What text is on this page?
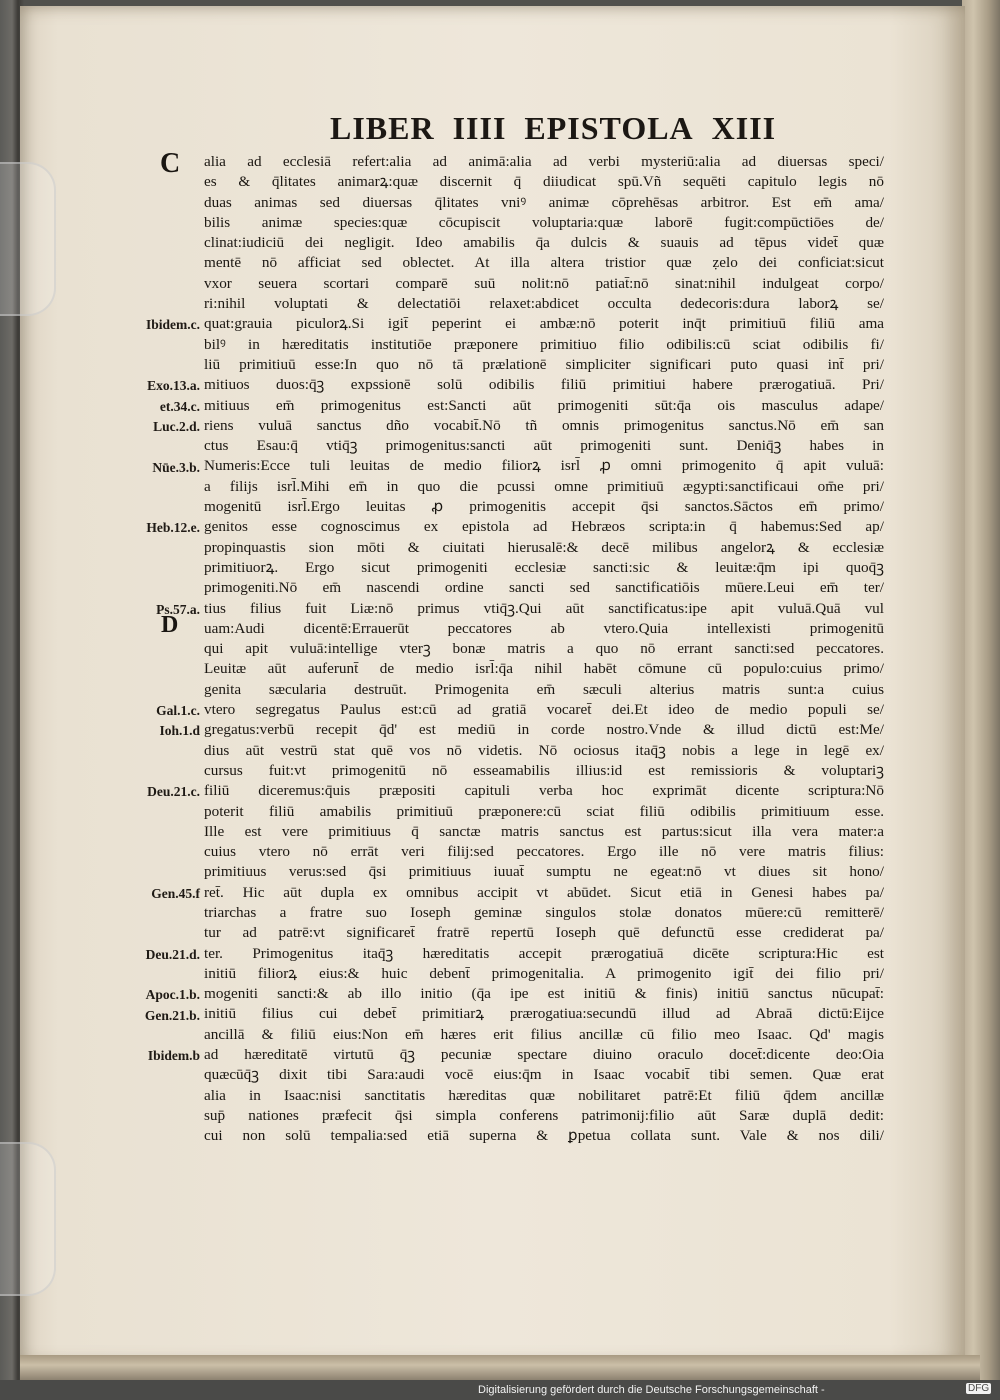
LIBER IIII EPISTOLA XIII
C
D
alia ad ecclesiā refert:alia ad animā:alia ad verbi mysteriū:alia ad diuersas speci/
es & q̄litates animarꝝ:quæ discernit q̄ diiudicat spū.Vñ sequēti capitulo legis nō
duas animas sed diuersas q̄litates vniꝰ animæ cōprehēsas arbitror. Est em̄ ama/
bilis animæ species:quæ cōcupiscit voluptaria:quæ laborē fugit:compūctiōes de/
clinat:iudiciū dei negligit. Ideo amabilis q̄a dulcis & suauis ad tēpus videt̄ quæ
mentē nō afficiat sed oblectet. At illa altera tristior quæ ẓelo dei conficiat:sicut
vxor seuera scortari comparē suū nolit:nō patiat̄:nō sinat:nihil indulgeat corpo/
ri:nihil voluptati & delectatiōi relaxet:abdicet occulta dedecoris:dura laborꝝ se/
quat:grauia piculorꝝ.Si igit̄ peperint ei ambæ:nō poterit inq̄t primitiuū filiū ama
bilꝰ in hæreditatis institutiōe præponere primitiuo filio odibilis:cū sciat odibilis fi/
liū primitiuū esse:In quo nō tā prælationē simpliciter significari puto quasi int̄ pri/
mitiuos duos:q̄ꝫ expssionē solū odibilis filiū primitiui habere prærogatiuā. Pri/
mitiuus em̄ primogenitus est:Sancti aūt primogeniti sūt:q̄a ois masculus adape/
riens vuluā sanctus dño vocabit̄.Nō tñ omnis primogenitus sanctus.Nō em̄ san
ctus Esau:q̄ vtiq̄ꝫ primogenitus:sancti aūt primogeniti sunt. Deniq̄ꝫ habes in
Numeris:Ecce tuli leuitas de medio filiorꝝ isrl̄ ꝓ omni primogenito q̄ apit vuluā:
a filijs isrl̄.Mihi em̄ in quo die pcussi omne primitiuū ægypti:sanctificaui om̄e pri/
mogenitū isrl̄.Ergo leuitas ꝓ primogenitis accepit q̄si sanctos.Sāctos em̄ primo/
genitos esse cognoscimus ex epistola ad Hebræos scripta:in q̄ habemus:Sed ap/
propinquastis sion mōti & ciuitati hierusalē:& decē milibus angelorꝝ & ecclesiæ
primitiuorꝝ. Ergo sicut primogeniti ecclesiæ sancti:sic & leuitæ:q̄m ipi quoq̄ꝫ
primogeniti.Nō em̄ nascendi ordine sancti sed sanctificatiōis mūere.Leui em̄ ter/
tius filius fuit Liæ:nō primus vtiq̄ꝫ.Qui aūt sanctificatus:ipe apit vuluā.Quā vul
uam:Audi dicentē:Errauerūt peccatores ab vtero.Quia intellexisti primogenitū
qui apit vuluā:intellige vterꝫ bonæ matris a quo nō errant sancti:sed peccatores.
Leuitæ aūt auferunt̄ de medio isrl̄:q̄a nihil habēt cōmune cū populo:cuius primo/
genita sæcularia destruūt. Primogenita em̄ sæculi alterius matris sunt:a cuius
vtero segregatus Paulus est:cū ad gratiā vocaret̄ dei.Et ideo de medio populi se/
gregatus:verbū recepit q̄d' est mediū in corde nostro.Vnde & illud dictū est:Me/
dius aūt vestrū stat quē vos nō videtis. Nō ociosus itaq̄ꝫ nobis a lege in legē ex/
cursus fuit:vt primogenitū nō esseamabilis illius:id est remissioris & voluptariꝫ
filiū diceremus:q̄uis præpositi capituli verba hoc exprimāt dicente scriptura:Nō
poterit filiū amabilis primitiuū præponere:cū sciat filiū odibilis primitiuum esse.
Ille est vere primitiuus q̄ sanctæ matris sanctus est partus:sicut illa vera mater:a
cuius vtero nō errāt veri filij:sed peccatores. Ergo ille nō vere matris filius:
primitiuus verus:sed q̄si primitiuus iuuat̄ sumptu ne egeat:nō vt diues sit hono/
ret̄. Hic aūt dupla ex omnibus accipit vt abūdet. Sicut etiā in Genesi habes pa/
triarchas a fratre suo Ioseph geminæ singulos stolæ donatos mūere:cū remitterē/
tur ad patrē:vt significaret̄ fratrē repertū Ioseph quē defunctū esse crediderat pa/
ter. Primogenitus itaq̄ꝫ hæreditatis accepit prærogatiuā dicēte scriptura:Hic est
initiū filiorꝝ eius:& huic debent̄ primogenitalia. A primogenito igit̄ dei filio pri/
mogeniti sancti:& ab illo initio (q̄a ipe est initiū & finis) initiū sanctus nūcupat̄:
initiū filius cui debet̄ primitiarꝝ prærogatiua:secundū illud ad Abraā dictū:Eijce
ancillā & filiū eius:Non em̄ hæres erit filius ancillæ cū filio meo Isaac. Qd' magis
ad hæreditatē virtutū q̄ꝫ pecuniæ spectare diuino oraculo docet̄:dicente deo:Oia
quæcūq̄ꝫ dixit tibi Sara:audi vocē eius:q̄m in Isaac vocabit̄ tibi semen. Quæ erat
alia in Isaac:nisi sanctitatis hæreditas quæ nobilitaret patrē:Et filiū q̄dem ancillæ
sup̄ nationes præfecit q̄si simpla conferens patrimonij:filio aūt Saræ duplā dedit:
cui non solū tempalia:sed etiā superna & ꝑpetua collata sunt. Vale & nos dili/
Ibidem.c.
Exo.13.a.
et.34.c.
Luc.2.d.
Nūe.3.b.
Heb.12.e.
Ps.57.a.
Gal.1.c.
Ioh.1.d
Deu.21.c.
Gen.45.f
Deu.21.d.
Apoc.1.b.
Gen.21.b.
Ibidem.b
Digitalisierung gefördert durch die Deutsche Forschungsgemeinschaft -	DFG
